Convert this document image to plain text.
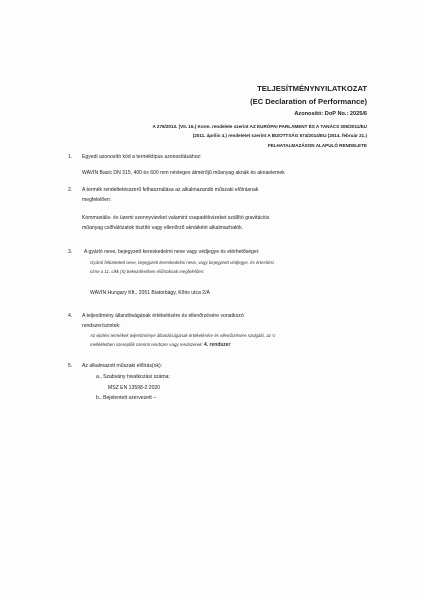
TELJESÍTMÉNYNYILATKOZAT
(EC Declaration of Performance)
Azonosító: DoP No.: 2025/6
A 275/2013. (VII. 16.) Korm. rendelete szerint AZ EURÓPAI PARLAMENT ÉS A TANÁCS 305/2011/EU
(2011. április 4.) rendeletet szerint A BIZOTTSÁG 574/2014/EU (2014. február 21.)
FELHATALMAZÁSON ALAPULÓ RENDELETE
1. Egyedi azonosító kód a terméktípus azonosításához:
WAVIN Basic DN 315, 400 és 600 mm névleges átmérőjű műanyag aknák és aknaelemek
2. A termék rendeltetésszerű felhasználása az alkalmazandó műszaki előírásnak
megfelelően:
Kommunális- és üzemi szennyvizeket valamint csapadékvizeket szállító gravitációs
műanyag csőhálózatok tisztító vagy ellenőrző aknáiként alkalmazhatók.
3. A gyártó neve, bejegyzett kereskedelmi neve vagy védjegye és elérhetőségei:
Gyártó feltüntetett neve, bejegyzett kereskedelmi neve, vagy bejegyzett védjegye, és értesítési
címe a 11. cikk (5) bekezdésében előírtaknak megfelelően:
WAVIN Hungary Kft., 2051 Biatorbágy, Kőris utca 2/A
4. A teljesítmény állandóságának értékelésére és ellenőrzésére vonatkozó
rendszer/szintek:
Az építési termékek teljesítménye állandóságának értékelésére és ellenőrzésére szolgáló, az V.
mellékletben szereplők szerinti rendszer vagy rendszerek: 4. rendszer
5. Az alkalmazott műszaki előírás(ok):
a., Szabvány hivatkozási száma:
MSZ EN 13598-2:2020
b., Bejelentett szervezett –
